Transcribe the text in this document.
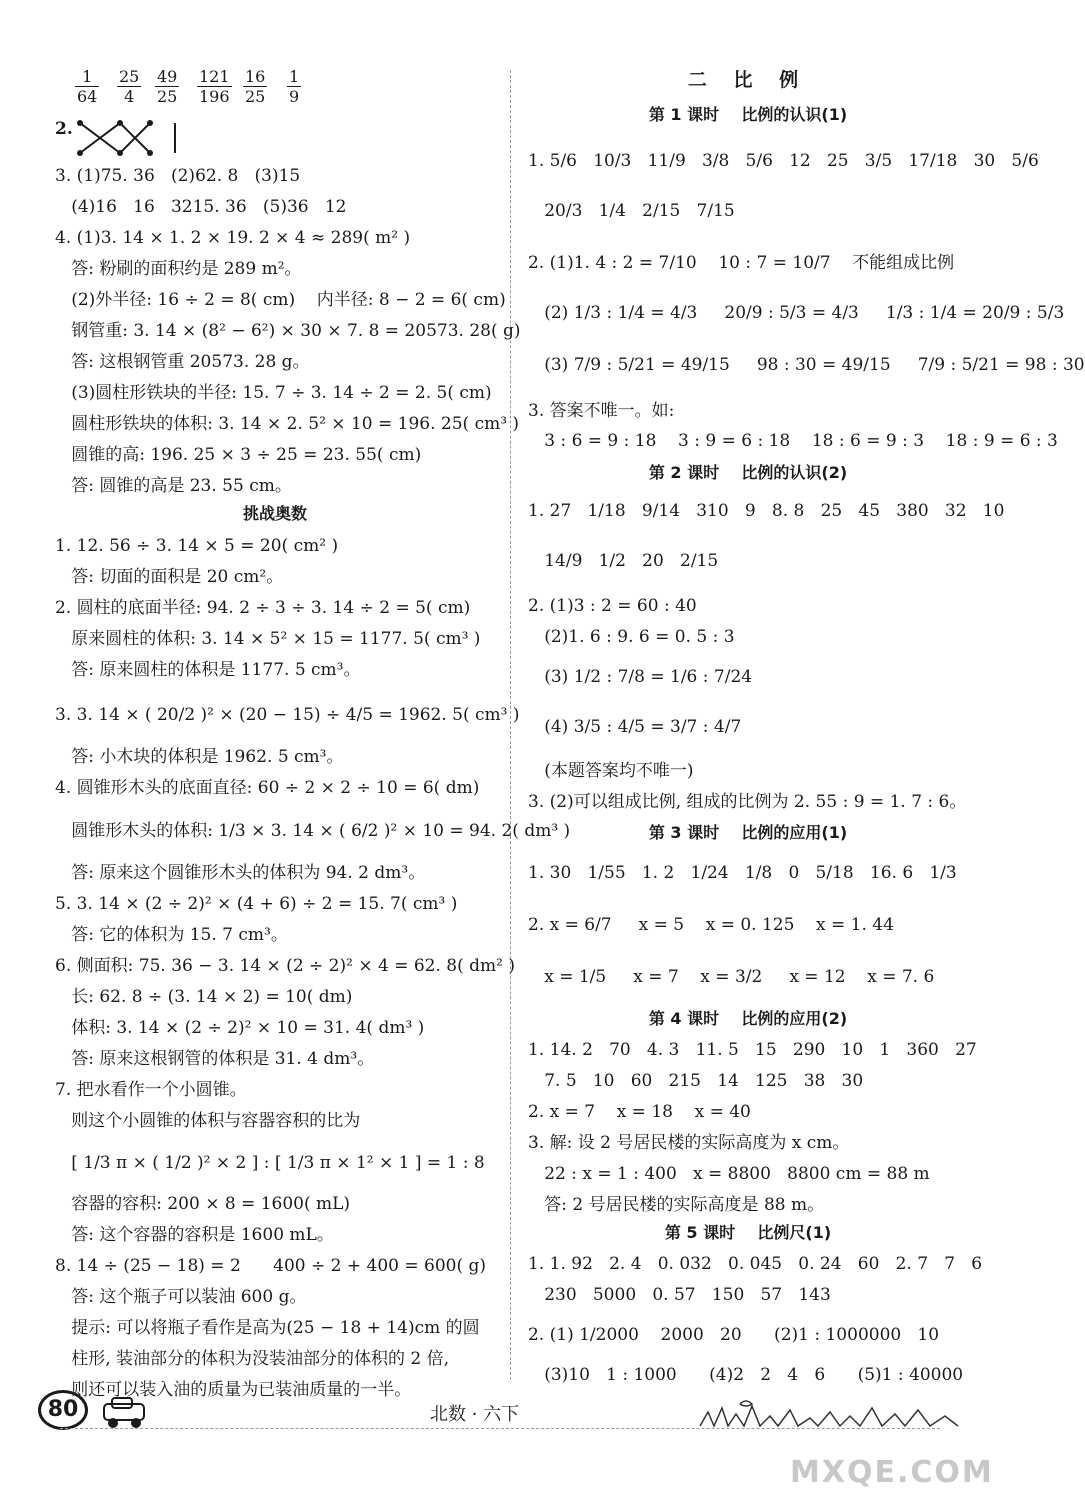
$\frac{1}{64} \frac{25}{4} \frac{49}{25} \frac{121}{196} \frac{16}{25} \frac{1}{9}$
2.
3. (1)75. 36   (2)62. 8   (3)15
(4)16   16   3215. 36   (5)36   12
4. (1)3. 14 × 1. 2 × 19. 2 × 4 ≈ 289( m² )
答: 粉刷的面积约是 289 m²。
(2)外半径: 16 ÷ 2 = 8( cm)    内半径: 8 − 2 = 6( cm)
钢管重: 3. 14 × (8² − 6²) × 30 × 7. 8 = 20573. 28( g)
答: 这根钢管重 20573. 28 g。
(3)圆柱形铁块的半径: 15. 7 ÷ 3. 14 ÷ 2 = 2. 5( cm)
圆柱形铁块的体积: 3. 14 × 2. 5² × 10 = 196. 25( cm³ )
圆锥的高: 196. 25 × 3 ÷ 25 = 23. 55( cm)
答: 圆锥的高是 23. 55 cm。
1. 12. 56 ÷ 3. 14 × 5 = 20( cm² )
答: 切面的面积是 20 cm²。
2. 圆柱的底面半径: 94. 2 ÷ 3 ÷ 3. 14 ÷ 2 = 5( cm)
原来圆柱的体积: 3. 14 × 5² × 15 = 1177. 5( cm³ )
答: 原来圆柱的体积是 1177. 5 cm³。
3. 3. 14 × ( 20/2 )² × (20 − 15) ÷ 4/5 = 1962. 5( cm³ )
答: 小木块的体积是 1962. 5 cm³。
4. 圆锥形木头的底面直径: 60 ÷ 2 × 2 ÷ 10 = 6( dm)
圆锥形木头的体积: 1/3 × 3. 14 × ( 6/2 )² × 10 = 94. 2( dm³ )
答: 原来这个圆锥形木头的体积为 94. 2 dm³。
5. 3. 14 × (2 ÷ 2)² × (4 + 6) ÷ 2 = 15. 7( cm³ )
答: 它的体积为 15. 7 cm³。
6. 侧面积: 75. 36 − 3. 14 × (2 ÷ 2)² × 4 = 62. 8( dm² )
长: 62. 8 ÷ (3. 14 × 2) = 10( dm)
体积: 3. 14 × (2 ÷ 2)² × 10 = 31. 4( dm³ )
答: 原来这根钢管的体积是 31. 4 dm³。
7. 把水看作一个小圆锥。
则这个小圆锥的体积与容器容积的比为
[ 1/3 π × ( 1/2 )² × 2 ] : [ 1/3 π × 1² × 1 ] = 1 : 8
容器的容积: 200 × 8 = 1600( mL)
答: 这个容器的容积是 1600 mL。
8. 14 ÷ (25 − 18) = 2      400 ÷ 2 + 400 = 600( g)
答: 这个瓶子可以装油 600 g。
提示: 可以将瓶子看作是高为(25 − 18 + 14)cm 的圆
柱形, 装油部分的体积为没装油部分的体积的 2 倍,
则还可以装入油的质量为已装油质量的一半。
挑战奥数
二 比 例
第 1 课时    比例的认识(1)
1. 5/6   10/3   11/9   3/8   5/6   12   25   3/5   17/18   30   5/6
20/3   1/4   2/15   7/15
2. (1)1. 4 : 2 = 7/10    10 : 7 = 10/7    不能组成比例
(2) 1/3 : 1/4 = 4/3     20/9 : 5/3 = 4/3     1/3 : 1/4 = 20/9 : 5/3
(3) 7/9 : 5/21 = 49/15     98 : 30 = 49/15     7/9 : 5/21 = 98 : 30
3. 答案不唯一。如:
3 : 6 = 9 : 18    3 : 9 = 6 : 18    18 : 6 = 9 : 3    18 : 9 = 6 : 3
第 2 课时    比例的认识(2)
1. 27   1/18   9/14   310   9   8. 8   25   45   380   32   10
14/9   1/2   20   2/15
2. (1)3 : 2 = 60 : 40
(2)1. 6 : 9. 6 = 0. 5 : 3
(3) 1/2 : 7/8 = 1/6 : 7/24
(4) 3/5 : 4/5 = 3/7 : 4/7
(本题答案均不唯一)
3. (2)可以组成比例, 组成的比例为 2. 55 : 9 = 1. 7 : 6。
第 3 课时    比例的应用(1)
1. 30   1/55   1. 2   1/24   1/8   0   5/18   16. 6   1/3
2. x = 6/7     x = 5    x = 0. 125    x = 1. 44
x = 1/5     x = 7    x = 3/2     x = 12    x = 7. 6
第 4 课时    比例的应用(2)
1. 14. 2   70   4. 3   11. 5   15   290   10   1   360   27
7. 5   10   60   215   14   125   38   30
2. x = 7    x = 18    x = 40
3. 解: 设 2 号居民楼的实际高度为 x cm。
22 : x = 1 : 400   x = 8800   8800 cm = 88 m
答: 2 号居民楼的实际高度是 88 m。
第 5 课时    比例尺(1)
1. 1. 92   2. 4   0. 032   0. 045   0. 24   60   2. 7   7   6
230   5000   0. 57   150   57   143
2. (1) 1/2000    2000   20      (2)1 : 1000000   10
(3)10   1 : 1000      (4)2   2   4   6      (5)1 : 40000
80	北数 · 六下
MXQE.COM
